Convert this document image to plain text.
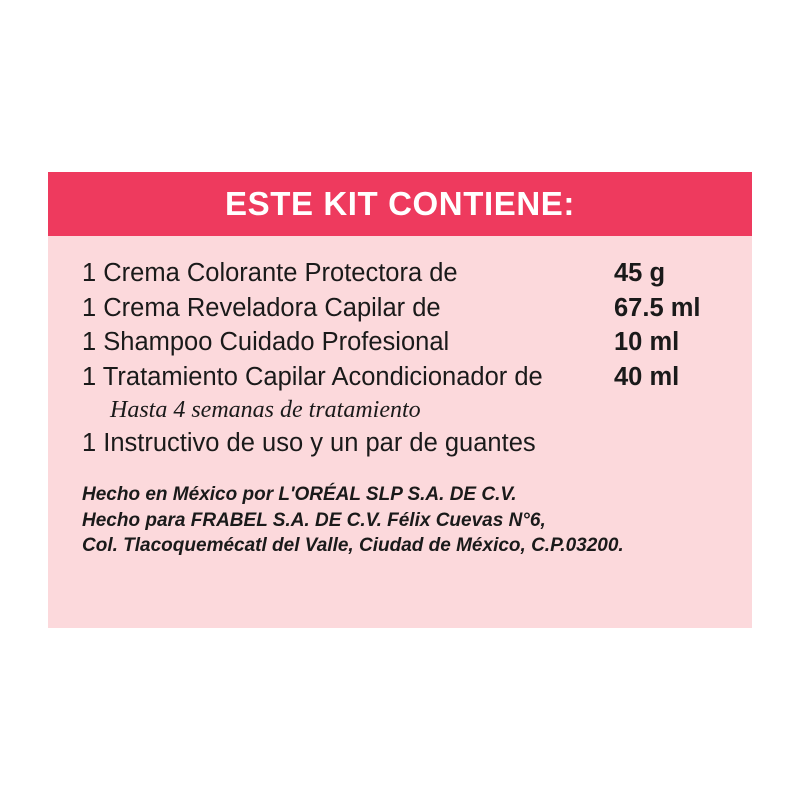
ESTE KIT CONTIENE:
1 Crema Colorante Protectora de	45 g
1 Crema Reveladora Capilar de	67.5 ml
1 Shampoo Cuidado Profesional	10 ml
1 Tratamiento Capilar Acondicionador de	40 ml
Hasta 4 semanas de tratamiento
1 Instructivo de uso y un par de guantes
Hecho en México por L'ORÉAL SLP S.A. DE C.V.
Hecho para FRABEL S.A. DE C.V. Félix Cuevas N°6,
Col. Tlacoquemécatl del Valle, Ciudad de México, C.P.03200.
